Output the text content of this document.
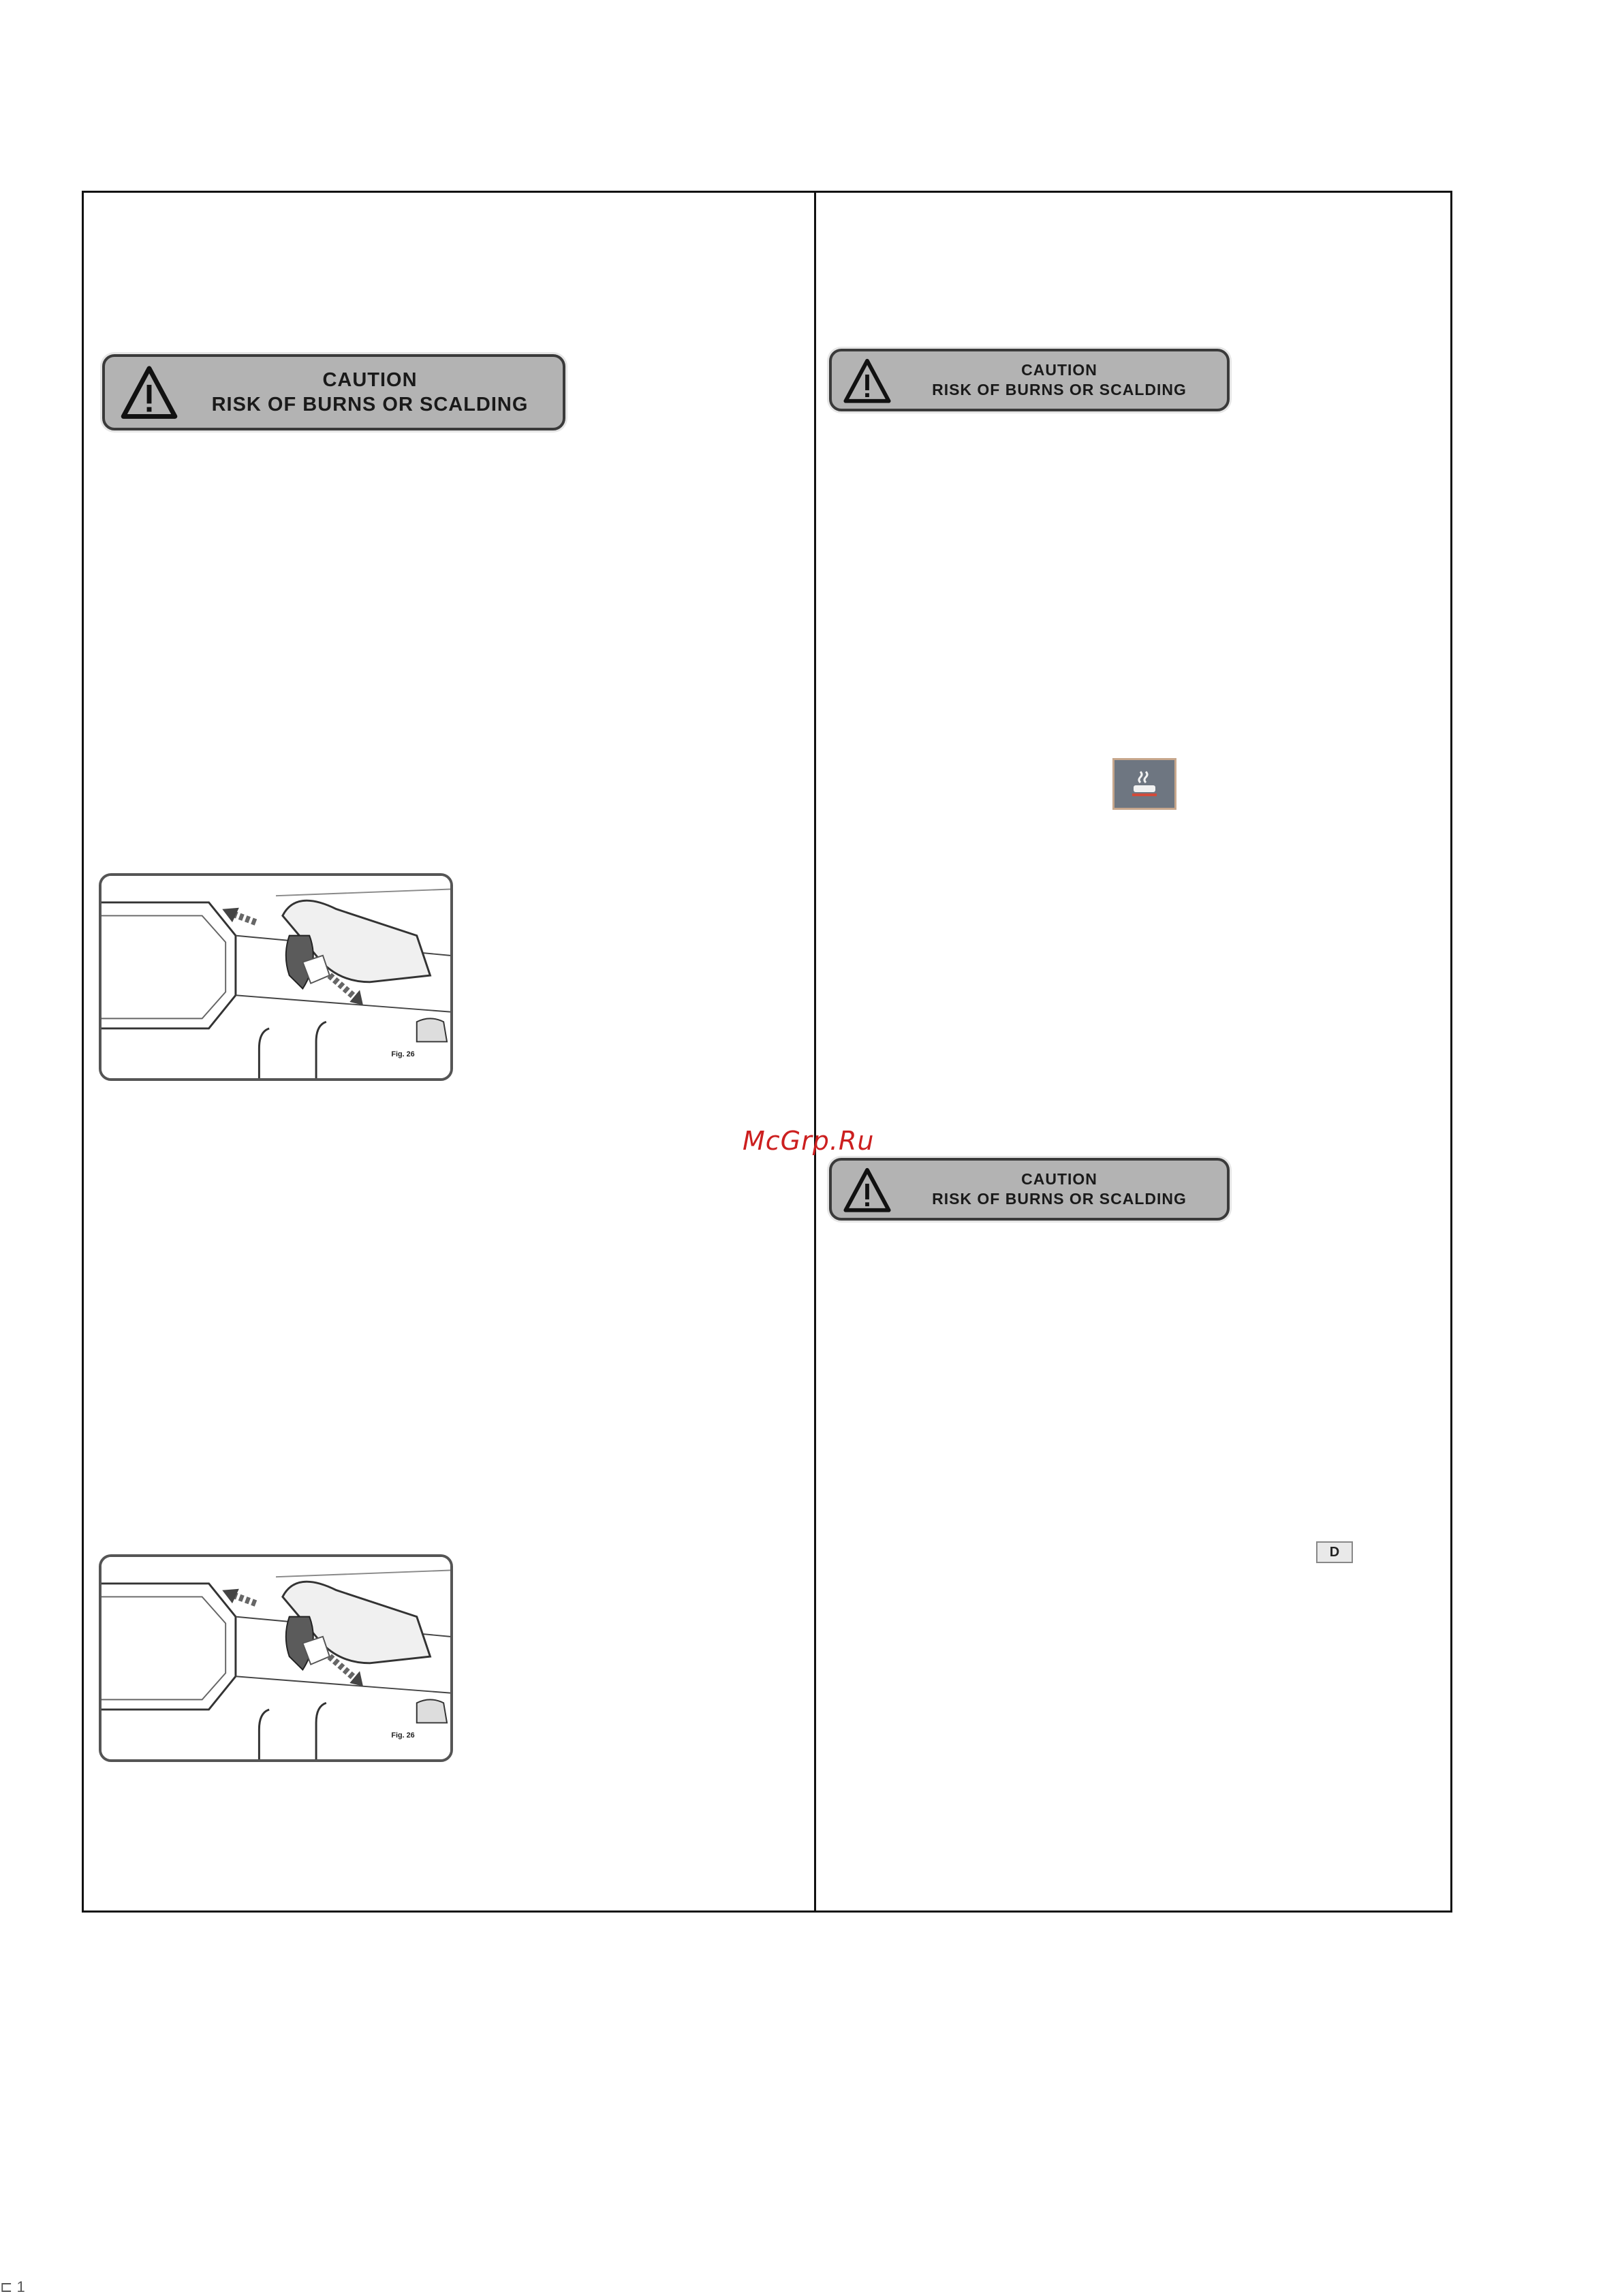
CAUTION
RISK OF BURNS OR SCALDING
CAUTION
RISK OF BURNS OR SCALDING
McGrp.Ru
CAUTION
RISK OF BURNS OR SCALDING
D
Fig. 26
Fig. 26
⊏ 1
